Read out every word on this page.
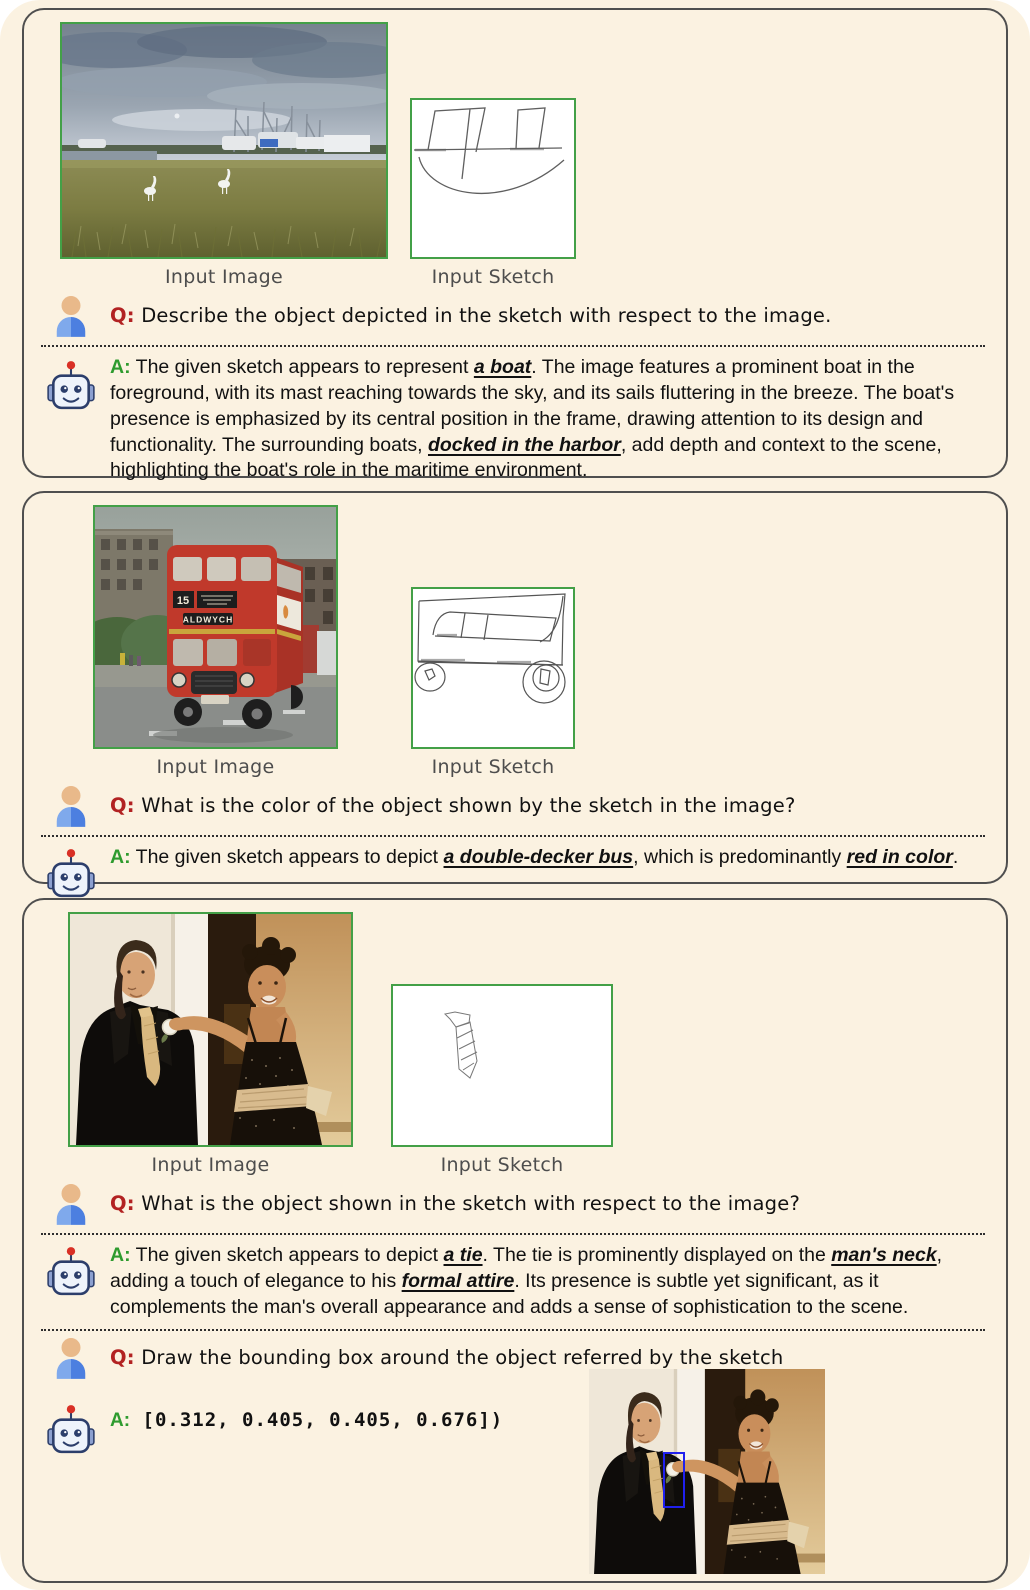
Input Image	Input Sketch
Q: Describe the object depicted in the sketch with respect to the image.
A: The given sketch appears to represent a boat. The image features a prominent boat in the foreground, with its mast reaching towards the sky, and its sails fluttering in the breeze. The boat's presence is emphasized by its central position in the frame, drawing attention to its design and functionality. The surrounding boats, docked in the harbor, add depth and context to the scene, highlighting the boat's role in the maritime environment.
15
ALDWYCH
Input Image	Input Sketch
Q: What is the color of the object shown by the sketch in the image?
A: The given sketch appears to depict a double-decker bus, which is predominantly red in color.
Input Image	Input Sketch
Q: What is the object shown in the sketch with respect to the image?
A: The given sketch appears to depict a tie. The tie is prominently displayed on the man's neck, adding a touch of elegance to his formal attire. Its presence is subtle yet significant, as it complements the man's overall appearance and adds a sense of sophistication to the scene.
Q: Draw the bounding box around the object referred by the sketch
A: [0.312, 0.405, 0.405, 0.676])
